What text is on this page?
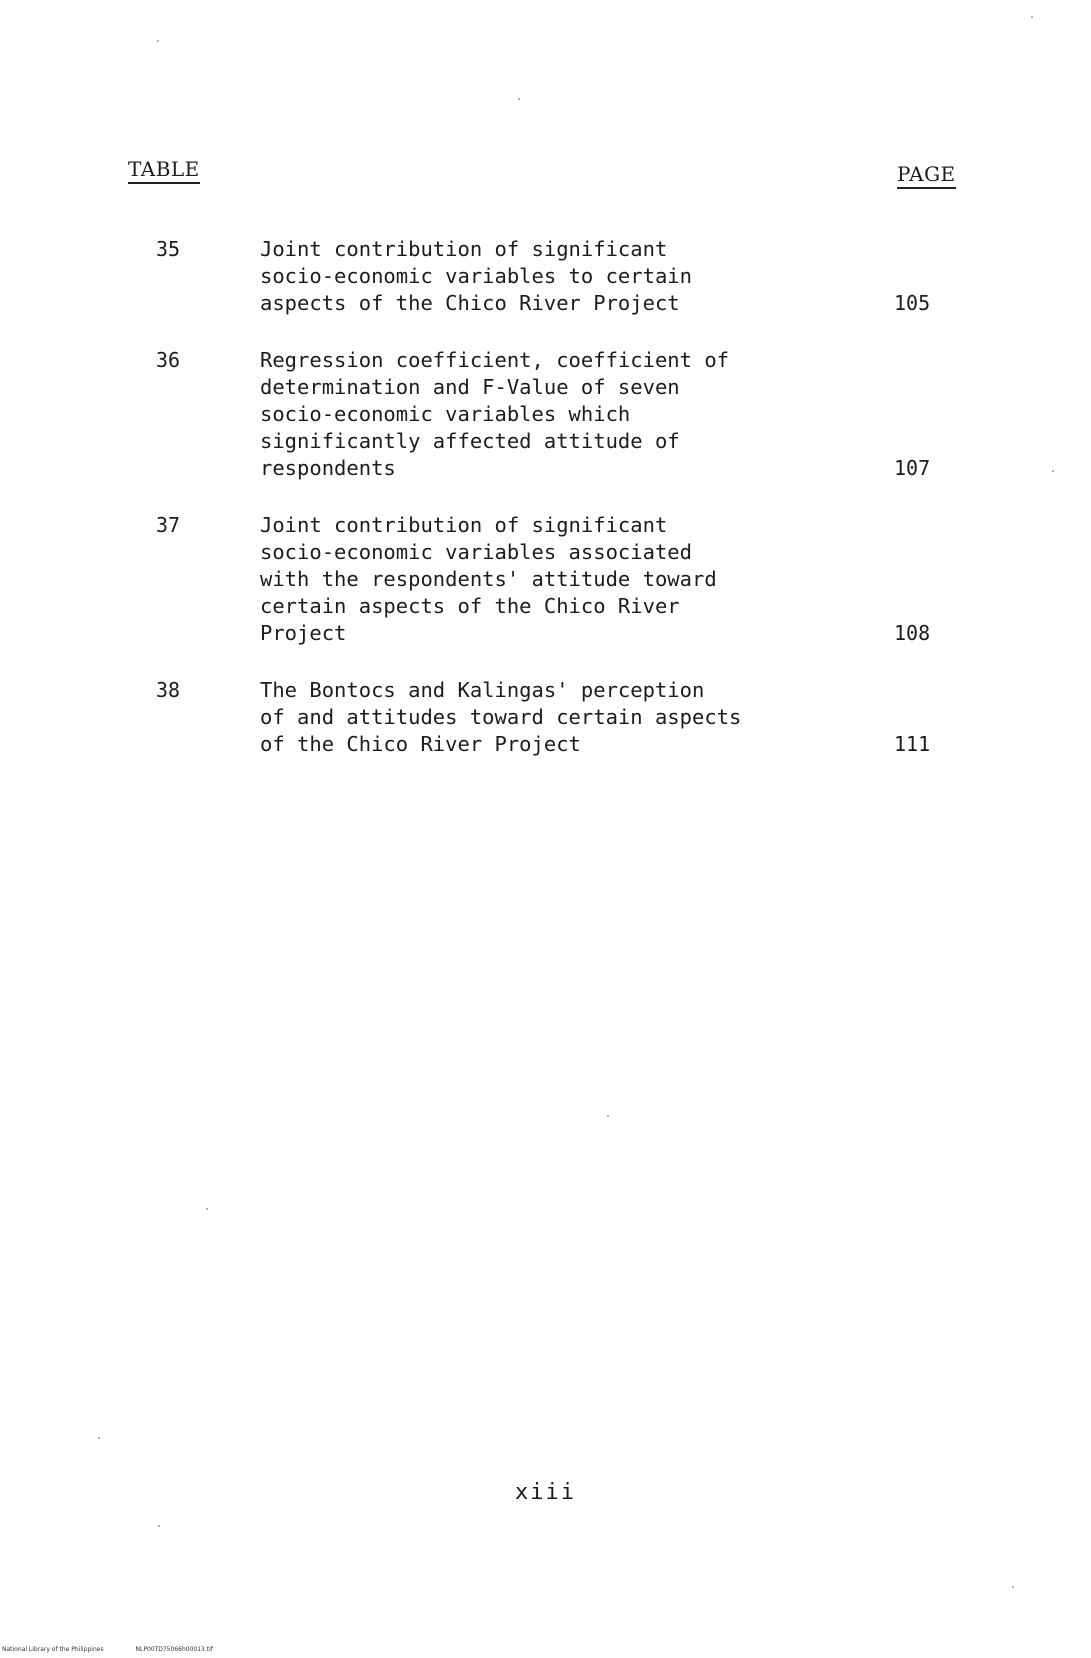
TABLE	PAGE
35	Joint contribution of significant
socio-economic variables to certain
aspects of the Chico River Project	105
36	Regression coefficient, coefficient of
determination and F-Value of seven
socio-economic variables which
significantly affected attitude of
respondents	107
37	Joint contribution of significant
socio-economic variables associated
with the respondents' attitude toward
certain aspects of the Chico River
Project	108
38	The Bontocs and Kalingas' perception
of and attitudes toward certain aspects
of the Chico River Project	111
xiii
National Library of the Philippines	NLP00TD75066h00013.tif
